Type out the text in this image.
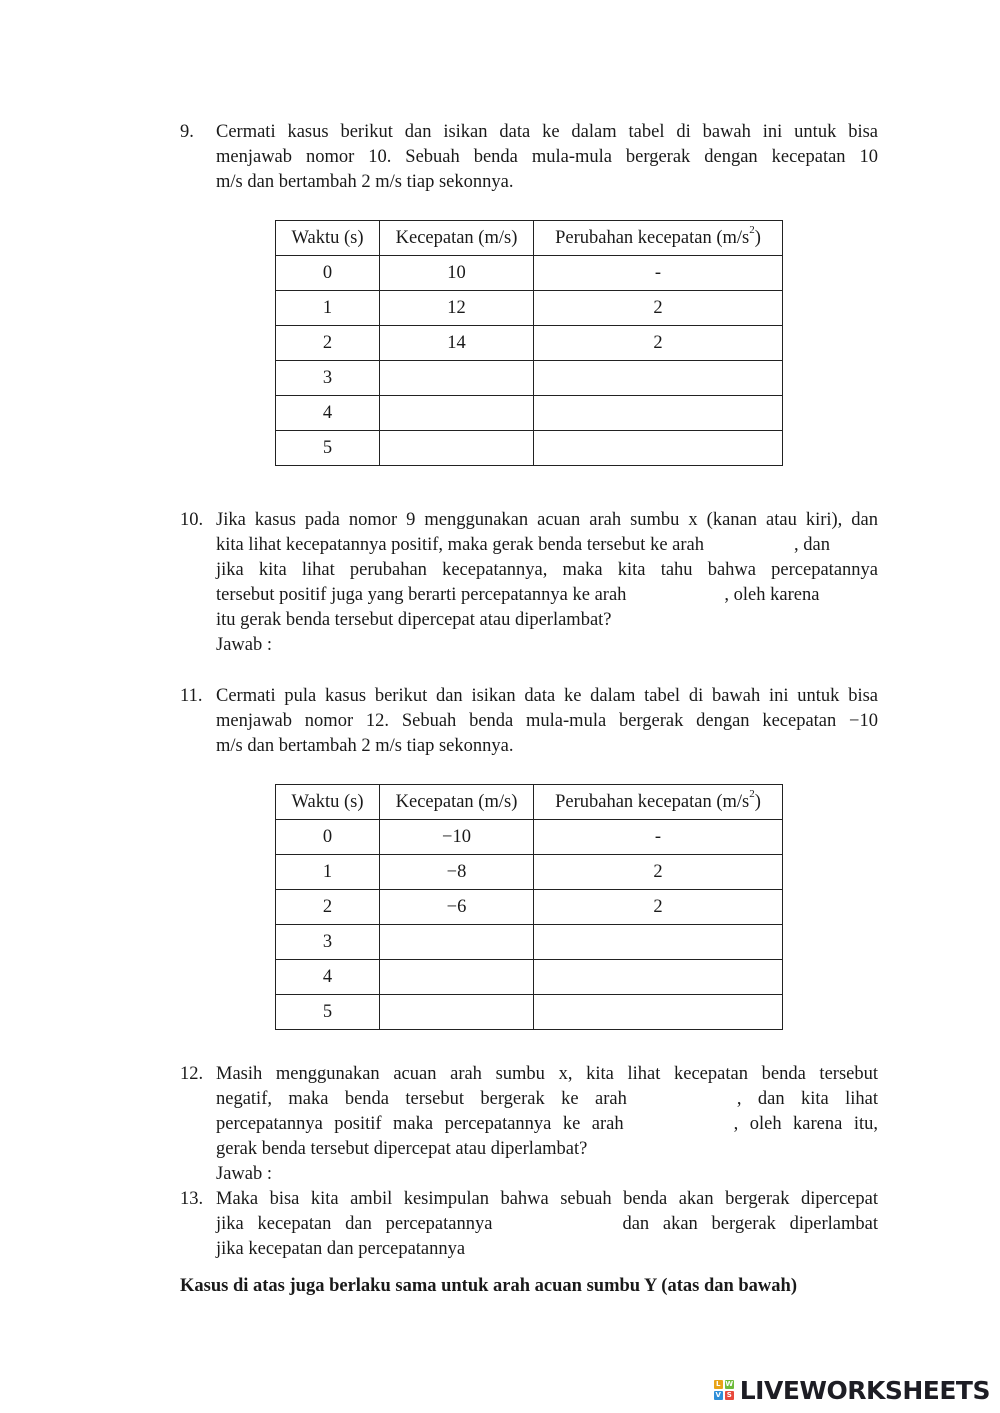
9.	Cermati kasus berikut dan isikan data ke dalam tabel di bawah ini untuk bisa
menjawab nomor 10. Sebuah benda mula-mula bergerak dengan kecepatan 10
m/s dan bertambah 2 m/s tiap sekonnya.
Waktu (s)	Kecepatan (m/s)	Perubahan kecepatan $(m/s^2)$
0	10	-
1	12	2
2	14	2
3		
4		
5		
10. Jika kasus pada nomor 9 menggunakan acuan arah sumbu x (kanan atau kiri), dan
kita lihat kecepatannya positif, maka gerak benda tersebut ke arah	, dan
jika kita lihat perubahan kecepatannya, maka kita tahu bahwa percepatannya
tersebut positif juga yang berarti percepatannya ke arah	, oleh karena
itu gerak benda tersebut dipercepat atau diperlambat?
Jawab :
11. Cermati pula kasus berikut dan isikan data ke dalam tabel di bawah ini untuk bisa
menjawab nomor 12. Sebuah benda mula-mula bergerak dengan kecepatan −10
m/s dan bertambah 2 m/s tiap sekonnya.
Waktu (s)	Kecepatan (m/s)	Perubahan kecepatan $(m/s^2)$
0	−10	-
1	−8	2
2	−6	2
3		
4		
5		
12. Masih menggunakan acuan arah sumbu x, kita lihat kecepatan benda tersebut
negatif, maka benda tersebut bergerak ke arah	, dan kita lihat
percepatannya positif maka percepatannya ke arah	, oleh karena itu,
gerak benda tersebut dipercepat atau diperlambat?
Jawab :
13. Maka bisa kita ambil kesimpulan bahwa sebuah benda akan bergerak dipercepat
jika kecepatan dan percepatannya	dan akan bergerak diperlambat
jika kecepatan dan percepatannya
Kasus di atas juga berlaku sama untuk arah acuan sumbu Y (atas dan bawah)
L W
V S LIVEWORKSHEETS
